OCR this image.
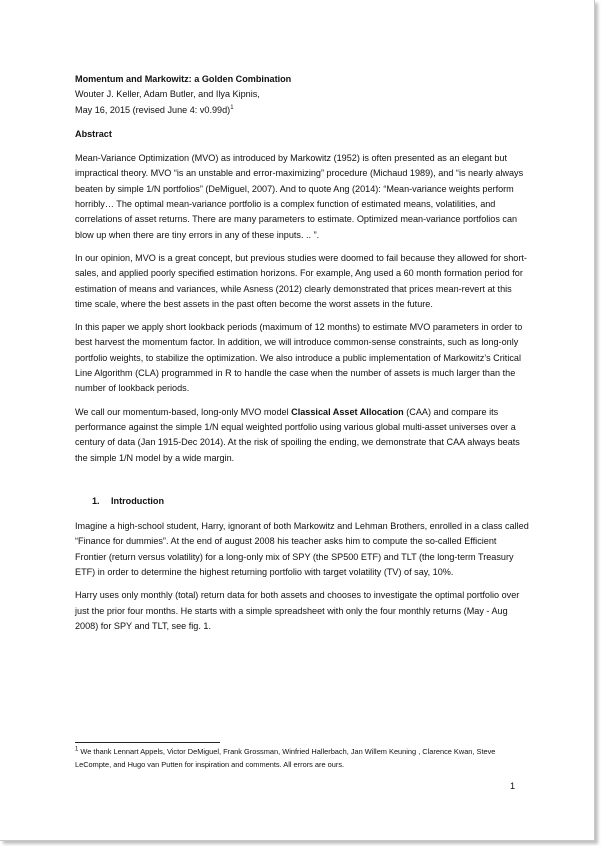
Momentum and Markowitz: a Golden Combination
Wouter J. Keller, Adam Butler, and Ilya Kipnis,
May 16, 2015 (revised June 4: v0.99d)$^1$
Abstract

Mean-Variance Optimization (MVO) as introduced by Markowitz (1952) is often presented as an elegant but impractical theory. MVO “is an unstable and error-maximizing” procedure (Michaud 1989), and “is nearly always beaten by simple 1/N portfolios” (DeMiguel, 2007). And to quote Ang (2014): “Mean-variance weights perform horribly… The optimal mean-variance portfolio is a complex function of estimated means, volatilities, and correlations of asset returns. There are many parameters to estimate. Optimized mean-variance portfolios can blow up when there are tiny errors in any of these inputs. .. ”.

In our opinion, MVO is a great concept, but previous studies were doomed to fail because they allowed for short-sales, and applied poorly specified estimation horizons. For example, Ang used a 60 month formation period for estimation of means and variances, while Asness (2012) clearly demonstrated that prices mean-revert at this time scale, where the best assets in the past often become the worst assets in the future.

In this paper we apply short lookback periods (maximum of 12 months) to estimate MVO parameters in order to best harvest the momentum factor. In addition, we will introduce common-sense constraints, such as long-only portfolio weights, to stabilize the optimization. We also introduce a public implementation of Markowitz’s Critical Line Algorithm (CLA) programmed in R to handle the case when the number of assets is much larger than the number of lookback periods.

We call our momentum-based, long-only MVO model Classical Asset Allocation (CAA) and compare its performance against the simple 1/N equal weighted portfolio using various global multi-asset universes over a century of data (Jan 1915-Dec 2014). At the risk of spoiling the ending, we demonstrate that CAA always beats the simple 1/N model by a wide margin.

1. Introduction

Imagine a high-school student, Harry, ignorant of both Markowitz and Lehman Brothers, enrolled in a class called “Finance for dummies”. At the end of august 2008 his teacher asks him to compute the so-called Efficient Frontier (return versus volatility) for a long-only mix of SPY (the SP500 ETF) and TLT (the long-term Treasury ETF) in order to determine the highest returning portfolio with target volatility (TV) of say, 10%.

Harry uses only monthly (total) return data for both assets and chooses to investigate the optimal portfolio over just the prior four months. He starts with a simple spreadsheet with only the four monthly returns (May - Aug 2008) for SPY and TLT, see fig. 1.

$^1$ We thank Lennart Appels, Victor DeMiguel, Frank Grossman, Winfried Hallerbach, Jan Willem Keuning , Clarence Kwan, Steve LeCompte, and Hugo van Putten for inspiration and comments. All errors are ours.
1
